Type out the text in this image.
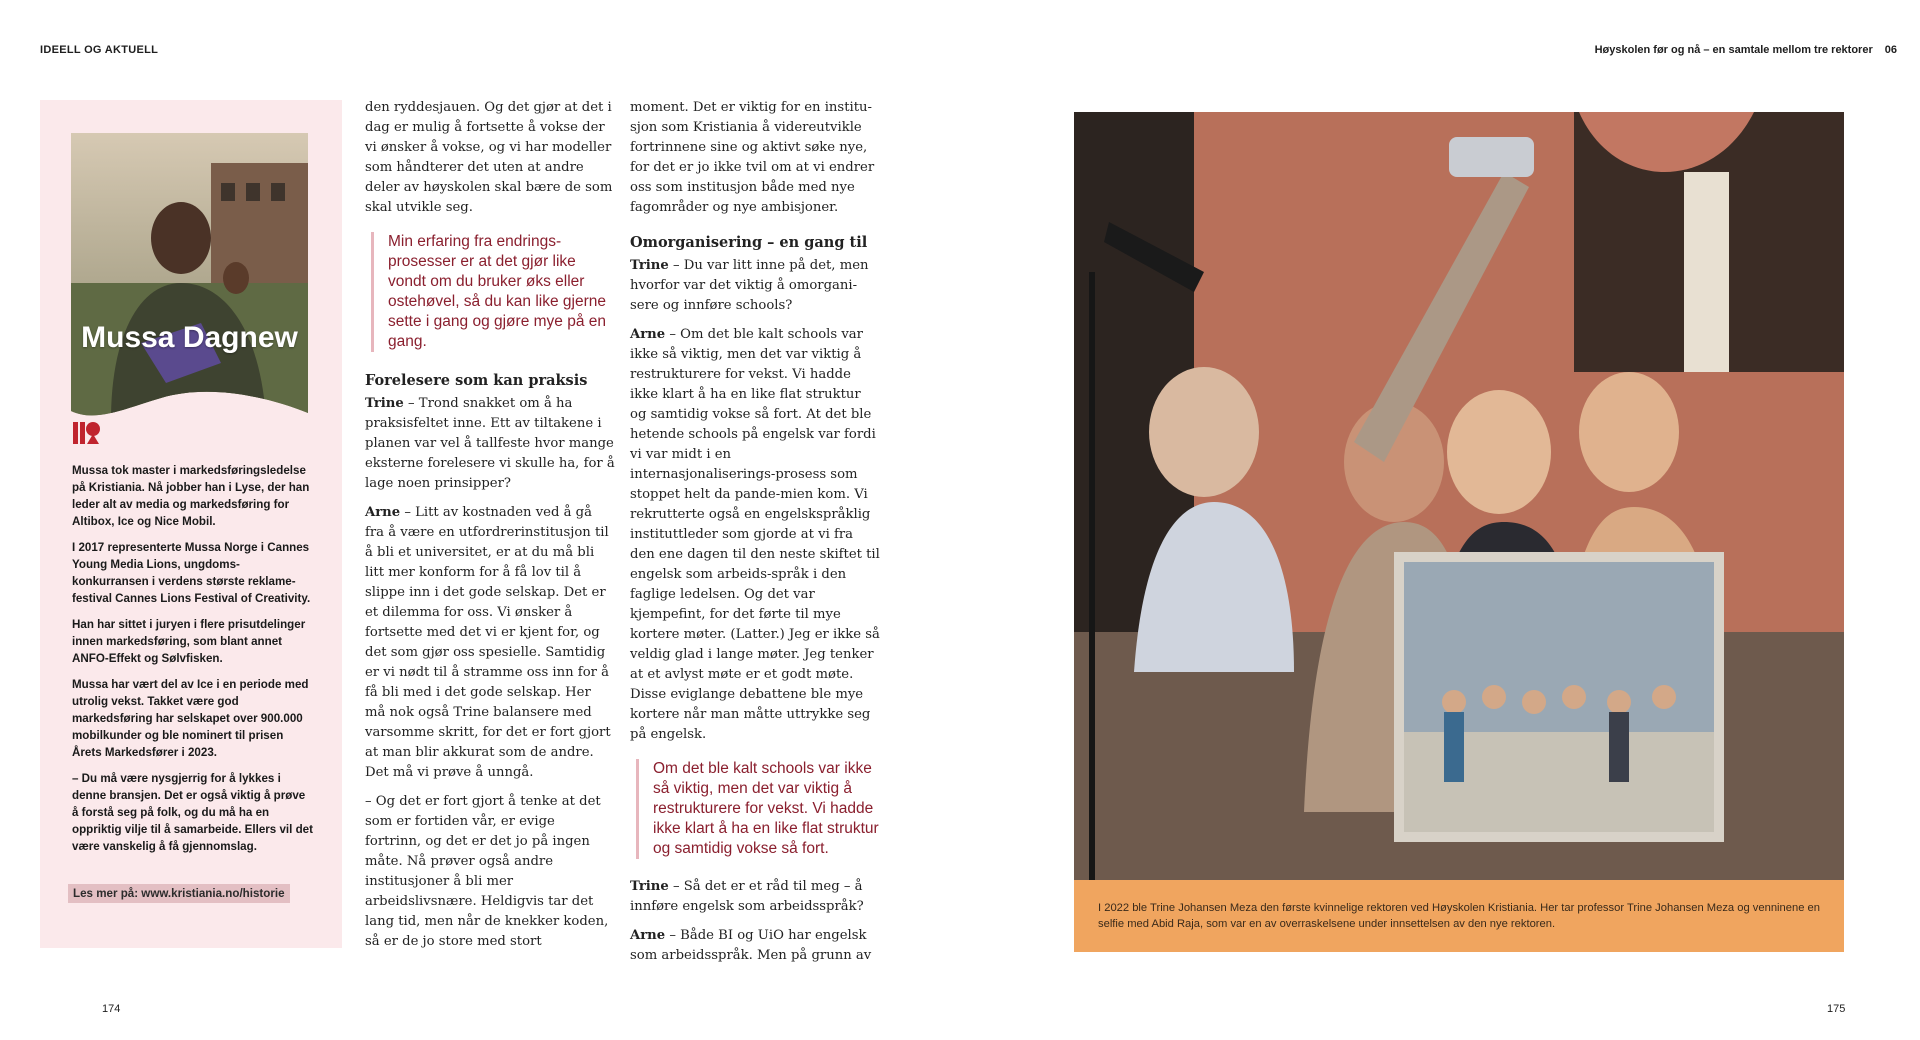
IDEELL OG AKTUELL	Høyskolen før og nå – en samtale mellom tre rektorer 06
Mussa Dagnew

Mussa tok master i markedsføringsledelse på Kristiania. Nå jobber han i Lyse, der han leder alt av media og markedsføring for Altibox, Ice og Nice Mobil.

I 2017 representerte Mussa Norge i Cannes Young Media Lions, ungdoms-konkurransen i verdens største reklame-festival Cannes Lions Festival of Creativity.

Han har sittet i juryen i flere prisutdelinger innen markedsføring, som blant annet ANFO-Effekt og Sølvfisken.

Mussa har vært del av Ice i en periode med utrolig vekst. Takket være god markedsføring har selskapet over 900.000 mobilkunder og ble nominert til prisen Årets Markedsfører i 2023.

– Du må være nysgjerrig for å lykkes i denne bransjen. Det er også viktig å prøve å forstå seg på folk, og du må ha en oppriktig vilje til å samarbeide. Ellers vil det være vanskelig å få gjennomslag.

Les mer på: www.kristiania.no/historie

den ryddesjauen. Og det gjør at det i dag er mulig å fortsette å vokse der vi ønsker å vokse, og vi har modeller som håndterer det uten at andre deler av høyskolen skal bære de som skal utvikle seg.

Min erfaring fra endrings-prosesser er at det gjør like vondt om du bruker øks eller ostehøvel, så du kan like gjerne sette i gang og gjøre mye på en gang.
Forelesere som kan praksis

Trine – Trond snakket om å ha praksisfeltet inne. Ett av tiltakene i planen var vel å tallfeste hvor mange eksterne forelesere vi skulle ha, for å lage noen prinsipper?

Arne – Litt av kostnaden ved å gå fra å være en utfordrerinstitusjon til å bli et universitet, er at du må bli litt mer konform for å få lov til å slippe inn i det gode selskap. Det er et dilemma for oss. Vi ønsker å fortsette med det vi er kjent for, og det som gjør oss spesielle. Samtidig er vi nødt til å stramme oss inn for å få bli med i det gode selskap. Her må nok også Trine balansere med varsomme skritt, for det er fort gjort at man blir akkurat som de andre. Det må vi prøve å unngå.

– Og det er fort gjort å tenke at det som er fortiden vår, er evige fortrinn, og det er det jo på ingen måte. Nå prøver også andre institusjoner å bli mer arbeidslivsnære. Heldigvis tar det lang tid, men når de knekker koden, så er de jo store med stort

moment. Det er viktig for en institu-sjon som Kristiania å videreutvikle fortrinnene sine og aktivt søke nye, for det er jo ikke tvil om at vi endrer oss som institusjon både med nye fagområder og nye ambisjoner.

Omorganisering – en gang til

Trine – Du var litt inne på det, men hvorfor var det viktig å omorgani-sere og innføre schools?

Arne – Om det ble kalt schools var ikke så viktig, men det var viktig å restrukturere for vekst. Vi hadde ikke klart å ha en like flat struktur og samtidig vokse så fort. At det ble hetende schools på engelsk var fordi vi var midt i en internasjonaliserings-prosess som stoppet helt da pande-mien kom. Vi rekrutterte også en engelskspråklig instituttleder som gjorde at vi fra den ene dagen til den neste skiftet til engelsk som arbeids-språk i den faglige ledelsen. Og det var kjempefint, for det førte til mye kortere møter. (Latter.) Jeg er ikke så veldig glad i lange møter. Jeg tenker at et avlyst møte er et godt møte. Disse eviglange debattene ble mye kortere når man måtte uttrykke seg på engelsk.

Om det ble kalt schools var ikke så viktig, men det var viktig å restrukturere for vekst. Vi hadde ikke klart å ha en like flat struktur og samtidig vokse så fort.

Trine – Så det er et råd til meg – å innføre engelsk som arbeidsspråk?

Arne – Både BI og UiO har engelsk som arbeidsspråk. Men på grunn av

I 2022 ble Trine Johansen Meza den første kvinnelige rektoren ved Høyskolen Kristiania. Her tar professor Trine Johansen Meza og venninene en selfie med Abid Raja, som var en av overraskelsene under innsettelsen av den nye rektoren.
174	175
